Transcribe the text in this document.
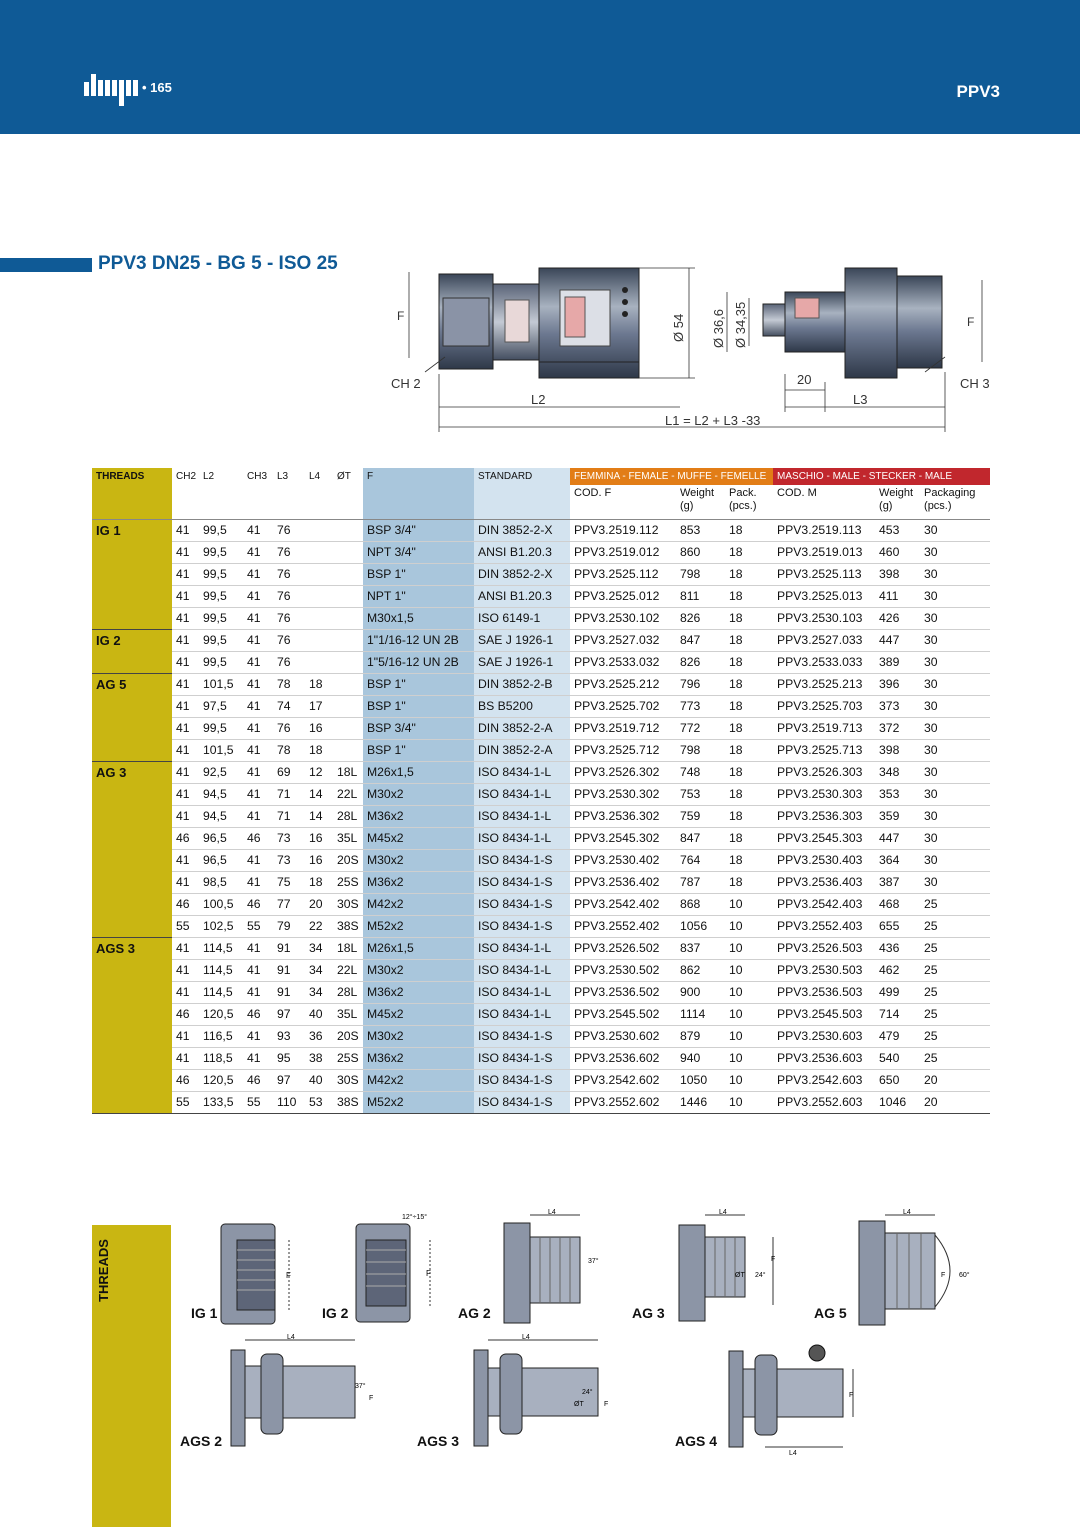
• 165	PPV3
PPV3 DN25 - BG 5 - ISO 25
F
CH 2
L2
Ø 54 Ø 36,6 Ø 34,35
20
L3
CH 3
F
L1 = L2 + L3 -33
THREADS	CH2	L2	CH3	L3	L4	ØT	F	STANDARD	FEMMINA - FEMALE - MUFFE - FEMELLE			MASCHIO - MALE - STECKER - MALE		
									COD. F	Weight (g)	Pack. (pcs.)	COD. M	Weight (g)	Packaging (pcs.)
IG 1	41	99,5	41	76			BSP 3/4"	DIN 3852-2-X	PPV3.2519.112	853	18	PPV3.2519.113	453	30
	41	99,5	41	76			NPT 3/4"	ANSI B1.20.3	PPV3.2519.012	860	18	PPV3.2519.013	460	30
	41	99,5	41	76			BSP 1"	DIN 3852-2-X	PPV3.2525.112	798	18	PPV3.2525.113	398	30
	41	99,5	41	76			NPT 1"	ANSI B1.20.3	PPV3.2525.012	811	18	PPV3.2525.013	411	30
	41	99,5	41	76			M30x1,5	ISO 6149-1	PPV3.2530.102	826	18	PPV3.2530.103	426	30
IG 2	41	99,5	41	76			1"1/16-12 UN 2B	SAE J 1926-1	PPV3.2527.032	847	18	PPV3.2527.033	447	30
	41	99,5	41	76			1"5/16-12 UN 2B	SAE J 1926-1	PPV3.2533.032	826	18	PPV3.2533.033	389	30
AG 5	41	101,5	41	78	18		BSP 1"	DIN 3852-2-B	PPV3.2525.212	796	18	PPV3.2525.213	396	30
	41	97,5	41	74	17		BSP 1"	BS B5200	PPV3.2525.702	773	18	PPV3.2525.703	373	30
	41	99,5	41	76	16		BSP 3/4"	DIN 3852-2-A	PPV3.2519.712	772	18	PPV3.2519.713	372	30
	41	101,5	41	78	18		BSP 1"	DIN 3852-2-A	PPV3.2525.712	798	18	PPV3.2525.713	398	30
AG 3	41	92,5	41	69	12	18L	M26x1,5	ISO 8434-1-L	PPV3.2526.302	748	18	PPV3.2526.303	348	30
	41	94,5	41	71	14	22L	M30x2	ISO 8434-1-L	PPV3.2530.302	753	18	PPV3.2530.303	353	30
	41	94,5	41	71	14	28L	M36x2	ISO 8434-1-L	PPV3.2536.302	759	18	PPV3.2536.303	359	30
	46	96,5	46	73	16	35L	M45x2	ISO 8434-1-L	PPV3.2545.302	847	18	PPV3.2545.303	447	30
	41	96,5	41	73	16	20S	M30x2	ISO 8434-1-S	PPV3.2530.402	764	18	PPV3.2530.403	364	30
	41	98,5	41	75	18	25S	M36x2	ISO 8434-1-S	PPV3.2536.402	787	18	PPV3.2536.403	387	30
	46	100,5	46	77	20	30S	M42x2	ISO 8434-1-S	PPV3.2542.402	868	10	PPV3.2542.403	468	25
	55	102,5	55	79	22	38S	M52x2	ISO 8434-1-S	PPV3.2552.402	1056	10	PPV3.2552.403	655	25
AGS 3	41	114,5	41	91	34	18L	M26x1,5	ISO 8434-1-L	PPV3.2526.502	837	10	PPV3.2526.503	436	25
	41	114,5	41	91	34	22L	M30x2	ISO 8434-1-L	PPV3.2530.502	862	10	PPV3.2530.503	462	25
	41	114,5	41	91	34	28L	M36x2	ISO 8434-1-L	PPV3.2536.502	900	10	PPV3.2536.503	499	25
	46	120,5	46	97	40	35L	M45x2	ISO 8434-1-L	PPV3.2545.502	1114	10	PPV3.2545.503	714	25
	41	116,5	41	93	36	20S	M30x2	ISO 8434-1-S	PPV3.2530.602	879	10	PPV3.2530.603	479	25
	41	118,5	41	95	38	25S	M36x2	ISO 8434-1-S	PPV3.2536.602	940	10	PPV3.2536.603	540	25
	46	120,5	46	97	40	30S	M42x2	ISO 8434-1-S	PPV3.2542.602	1050	10	PPV3.2542.603	650	20
	55	133,5	55	110	53	38S	M52x2	ISO 8434-1-S	PPV3.2552.602	1446	10	PPV3.2552.603	1046	20
THREADS	F
IG 1
F
12°÷15°
IG 2
L4
37°
AG 2
L4
ØT 24°
F
AG 3
L4
F 60°
AG 5
L4
37°
F
AGS 2
L4
24°
ØT	F
AGS 3
L4
F
AGS 4
